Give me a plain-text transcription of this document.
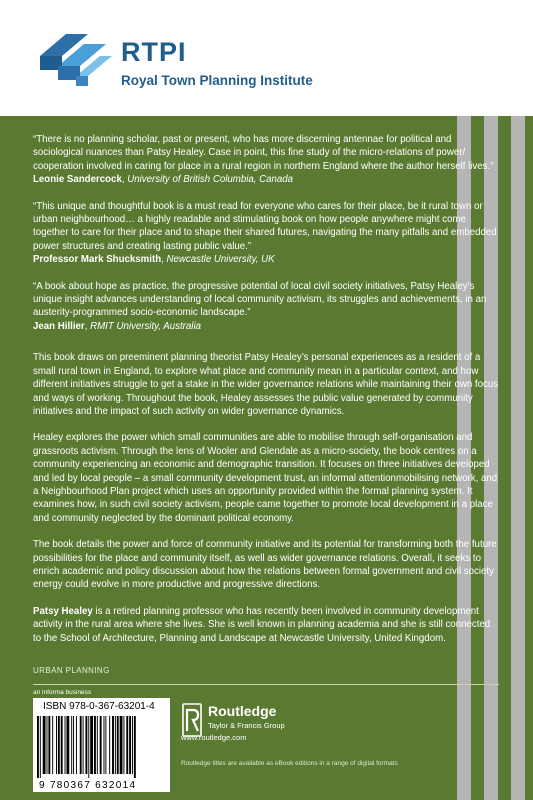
RTPI
Royal Town Planning Institute

“There is no planning scholar, past or present, who has more discerning antennae for political and sociological nuances than Patsy Healey. Case in point, this fine study of the micro-relations of power/ cooperation involved in caring for place in a rural region in northern England where the author herself lives.”

Leonie Sandercock, University of British Columbia, Canada

“This unique and thoughtful book is a must read for everyone who cares for their place, be it rural town or urban neighbourhood… a highly readable and stimulating book on how people anywhere might come together to care for their place and to shape their shared futures, navigating the many pitfalls and embedded power structures and creating lasting public value.”

Professor Mark Shucksmith, Newcastle University, UK

“A book about hope as practice, the progressive potential of local civil society initiatives, Patsy Healey’s unique insight advances understanding of local community activism, its struggles and achievements, in an austerity-programmed socio-economic landscape.”

Jean Hillier, RMIT University, Australia

This book draws on preeminent planning theorist Patsy Healey’s personal experiences as a resident of a small rural town in England, to explore what place and community mean in a particular context, and how different initiatives struggle to get a stake in the wider governance relations while maintaining their own focus and ways of working. Throughout the book, Healey assesses the public value generated by community initiatives and the impact of such activity on wider governance dynamics.

Healey explores the power which small communities are able to mobilise through self-organisation and grassroots activism. Through the lens of Wooler and Glendale as a micro-society, the book centres on a community experiencing an economic and demographic transition. It focuses on three initiatives developed and led by local people – a small community development trust, an informal attentionmobilising network, and a Neighbourhood Plan project which uses an opportunity provided within the formal planning system. It examines how, in such civil society activism, people came together to promote local development in a place and community neglected by the dominant political economy.

The book details the power and force of community initiative and its potential for transforming both the future possibilities for the place and community itself, as well as wider governance relations. Overall, it seeks to enrich academic and policy discussion about how the relations between formal government and civil society energy could evolve in more productive and progressive directions.

Patsy Healey is a retired planning professor who has recently been involved in community development activity in the rural area where she lives. She is well known in planning academia and she is still connected to the School of Architecture, Planning and Landscape at Newcastle University, United Kingdom.

URBAN PLANNING
an informa business
ISBN 978-0-367-63201-4
9 780367 632014
Routledge
Taylor & Francis Group
www.routledge.com
Routledge titles are available as eBook editions in a range of digital formats
